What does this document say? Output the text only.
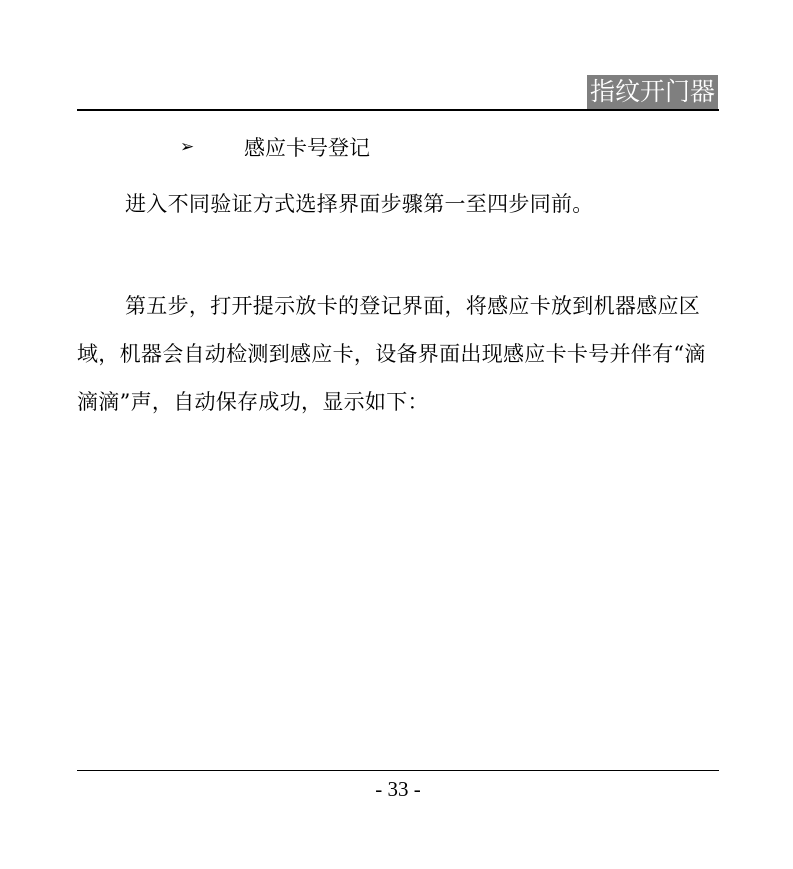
指纹开门器
➢	感应卡号登记

进入不同验证方式选择界面步骤第一至四步同前。

第五步，打开提示放卡的登记界面，将感应卡放到机器感应区域，机器会自动检测到感应卡，设备界面出现感应卡卡号并伴有“滴滴滴”声，自动保存成功，显示如下：

- 33 -
